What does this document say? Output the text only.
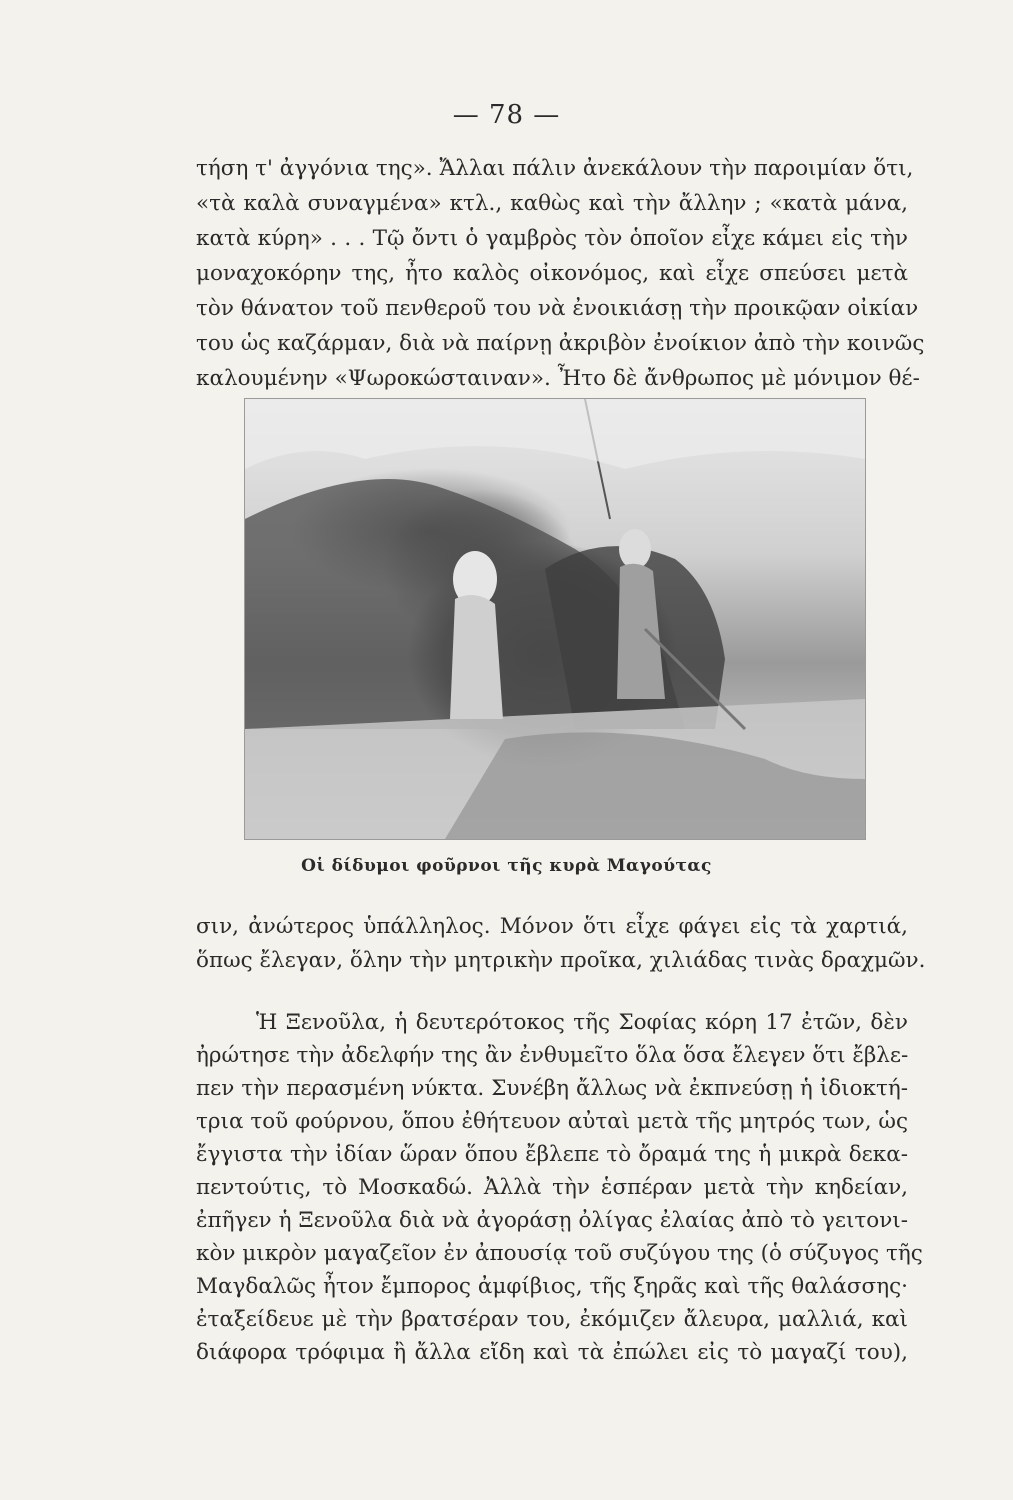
— 78 —
τήση τ' ἀγγόνια της». Ἄλλαι πάλιν ἀνεκάλουν τὴν παροιμίαν ὅτι,
«τὰ καλὰ συναγμένα» κτλ., καθὼς καὶ τὴν ἄλλην ; «κατὰ μάνα,
κατὰ κύρη» . . . Τῷ ὄντι ὁ γαμβρὸς τὸν ὁποῖον εἶχε κάμει εἰς τὴν
μοναχοκόρην της, ἦτο καλὸς οἰκονόμος, καὶ εἶχε σπεύσει μετὰ
τὸν θάνατον τοῦ πενθεροῦ του νὰ ἐνοικιάσῃ τὴν προικῷαν οἰκίαν
του ὡς καζάρμαν, διὰ νὰ παίρνῃ ἀκριβὸν ἐνοίκιον ἀπὸ τὴν κοινῶς
καλουμένην «Ψωροκώσταιναν». Ἦτο δὲ ἄνθρωπος μὲ μόνιμον θέ-
Οἱ δίδυμοι φοῦρνοι τῆς κυρὰ Μαγούτας
σιν, ἀνώτερος ὑπάλληλος. Μόνον ὅτι εἶχε φάγει εἰς τὰ χαρτιά,
ὅπως ἔλεγαν, ὅλην τὴν μητρικὴν προῖκα, χιλιάδας τινὰς δραχμῶν.
Ἡ Ξενοῦλα, ἡ δευτερότοκος τῆς Σοφίας κόρη 17 ἐτῶν, δὲν
ἠρώτησε τὴν ἀδελφήν της ἂν ἐνθυμεῖτο ὅλα ὅσα ἔλεγεν ὅτι ἔβλε-
πεν τὴν περασμένη νύκτα. Συνέβη ἄλλως νὰ ἐκπνεύσῃ ἡ ἰδιοκτή-
τρια τοῦ φούρνου, ὅπου ἐθήτευον αὐταὶ μετὰ τῆς μητρός των, ὡς
ἔγγιστα τὴν ἰδίαν ὥραν ὅπου ἔβλεπε τὸ ὄραμά της ἡ μικρὰ δεκα-
πεντούτις, τὸ Μοσκαδώ. Ἀλλὰ τὴν ἑσπέραν μετὰ τὴν κηδείαν,
ἐπῆγεν ἡ Ξενοῦλα διὰ νὰ ἀγοράσῃ ὀλίγας ἐλαίας ἀπὸ τὸ γειτονι-
κὸν μικρὸν μαγαζεῖον ἐν ἀπουσίᾳ τοῦ συζύγου της (ὁ σύζυγος τῆς
Μαγδαλῶς ἦτον ἔμπορος ἀμφίβιος, τῆς ξηρᾶς καὶ τῆς θαλάσσης·
ἐταξείδευε μὲ τὴν βρατσέραν του, ἐκόμιζεν ἄλευρα, μαλλιά, καὶ
διάφορα τρόφιμα ἢ ἄλλα εἴδη καὶ τὰ ἐπώλει εἰς τὸ μαγαζί του),
